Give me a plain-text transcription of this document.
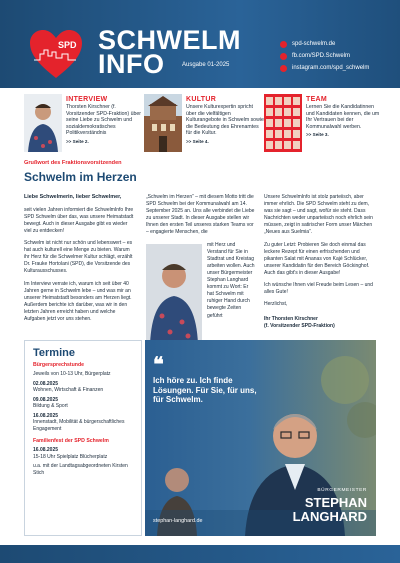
SPD SCHWELM
INFO	Ausgabe 01-2025
spd-schwelm.de
fb.com/SPD.Schwelm
instagram.com/spd_schwelm
INTERVIEW

Thorsten Kirschner (f. Vorsitzender SPD-Fraktion) über seine Liebe zu Schwelm und sozialdemokratisches Politikverständnis

>> Seite 2.
KULTUR

Unsere Kulturexpertin spricht über die vielfältigen Kulturangebote in Schwelm sowie die Bedeutung des Ehrenamtes für die Kultur.

>> Seite 4.
TEAM

Lernen Sie die Kandidatinnen und Kandidaten kennen, die um Ihr Vertrauen bei der Kommunalwahl werben.

>> Seite 3.
Grußwort des Fraktionsvorsitzenden
Schwelm im Herzen

Liebe Schwelmerin, lieber Schwelmer,

seit vielen Jahren informiert die SchwelmInfo Ihre SPD Schwelm über das, was unsere Heimatstadt bewegt. Auch in dieser Ausgabe gibt es wieder viel zu entdecken!

Schwelm ist nicht nur schön und lebenswert – es hat auch kulturell eine Menge zu bieten. Warum ihr Herz für die Schwelmer Kultur schlägt, erzählt Dr. Frauke Hortolani (SPD), die Vorsitzende des Kulturausschusses.

Im Interview verrate ich, warum ich seit über 40 Jahren gerne in Schwelm lebe – und was mir an unserer Heimatstadt besonders am Herzen liegt. Außerdem berichte ich darüber, was wir in den letzten Jahren erreicht haben und welche Aufgaben jetzt vor uns stehen.

„Schwelm im Herzen“ – mit diesem Motto tritt die SPD Schwelm bei der Kommunalwahl am 14. September 2025 an. Uns alle verbindet die Liebe zu unserer Stadt. In dieser Ausgabe stellen wir Ihnen den ersten Teil unseres starken Teams vor – engagierte Menschen, die

mit Herz und Verstand für Sie in Stadtrat und Kreistag arbeiten wollen. Auch unser Bürgermeister Stephan Langhard kommt zu Wort: Er hat Schwelm mit ruhiger Hand durch bewegte Zeiten geführt

Unsere SchwelmInfo ist stolz parteiisch, aber immer ehrlich. Die SPD Schwelm steht zu dem, was sie sagt – und sagt, wofür sie steht. Dass Nachrichten weder unparteiisch noch ehrlich sein müssen, zeigt in satirischer Form unser Märchen „Neues aus Suelmia“.

Zu guter Letzt: Probieren Sie doch einmal das leckere Rezept für einen erfrischenden und pikanten Salat mit Ananas von Kajé Schlücker, unserer Kandidatin für den Bereich Göckinghof. Auch das gibt's in dieser Ausgabe!

Ich wünsche Ihnen viel Freude beim Lesen – und alles Gute!

Herzlichst,

Ihr Thorsten Kirschner
(f. Vorsitzender SPD-Fraktion)
Termine
Bürgersprechstunde
Jeweils von 10-13 Uhr, Bürgerplatz
02.08.2025
Wohnen, Wirtschaft & Finanzen
09.08.2025
Bildung & Sport
16.08.2025
Innenstadt, Mobilität & bürgerschaftliches Engagement
Familienfest der SPD Schwelm
16.08.2025
15-18 Uhr Spielplatz Blücherplatz
u.a. mit der Landtagsabgeordneten Kirsten Stich
❝
Ich höre zu. Ich finde Lösungen. Für Sie, für uns, für Schwelm.
stephan-langhard.de
BÜRGERMEISTER
STEPHAN
LANGHARD
